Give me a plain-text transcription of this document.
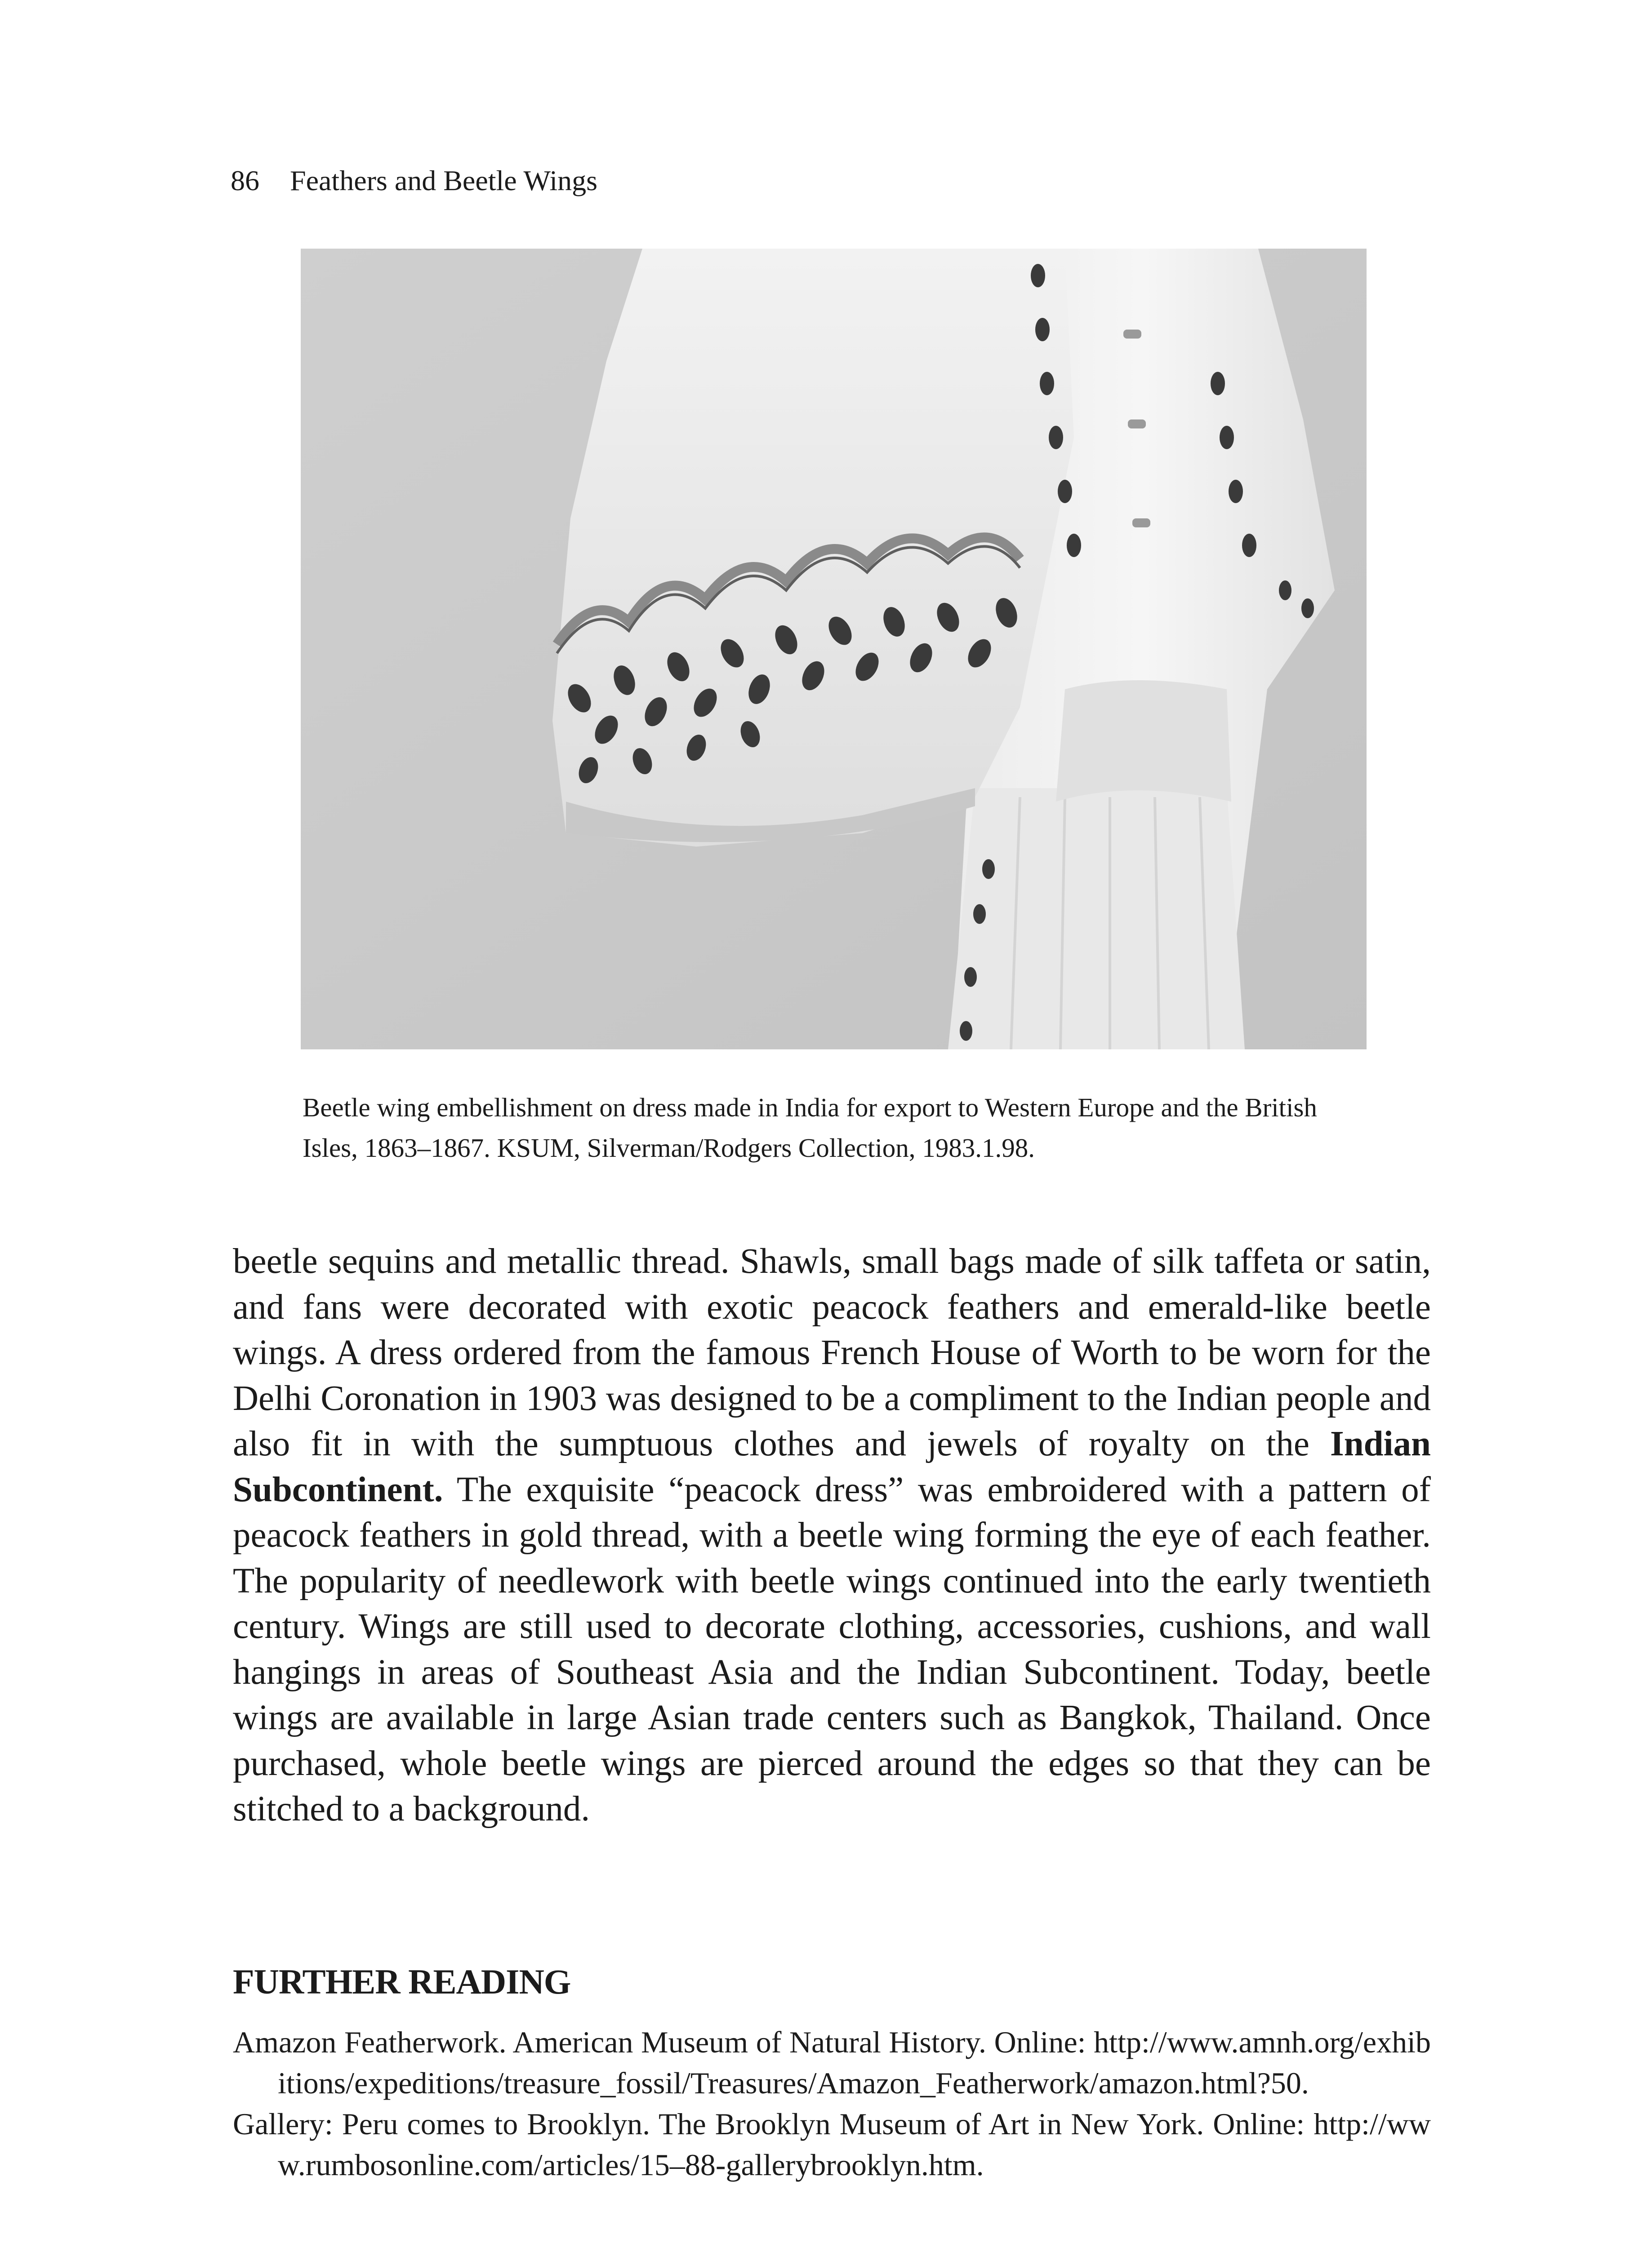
86 Feathers and Beetle Wings
Beetle wing embellishment on dress made in India for export to Western Europe and the British Isles, 1863–1867. KSUM, Silverman/Rodgers Collection, 1983.1.98.
beetle sequins and metallic thread. Shawls, small bags made of silk taffeta or satin, and fans were decorated with exotic peacock feathers and emerald-like beetle wings. A dress ordered from the famous French House of Worth to be worn for the Delhi Coronation in 1903 was designed to be a compliment to the Indian people and also fit in with the sumptuous clothes and jewels of royalty on the Indian Subcontinent. The exquisite “peacock dress” was embroidered with a pattern of peacock feathers in gold thread, with a beetle wing forming the eye of each feather. The popularity of needlework with beetle wings continued into the early twentieth century. Wings are still used to decorate clothing, accessories, cushions, and wall hangings in areas of Southeast Asia and the Indian Subcontinent. Today, beetle wings are available in large Asian trade centers such as Bangkok, Thailand. Once purchased, whole beetle wings are pierced around the edges so that they can be stitched to a background.
FURTHER READING

Amazon Featherwork. American Museum of Natural History. Online: http://www.amnh.org/exhibitions/expeditions/treasure_fossil/Treasures/Amazon_Featherwork/amazon.html?50.

Gallery: Peru comes to Brooklyn. The Brooklyn Museum of Art in New York. Online: http://www.rumbosonline.com/articles/15–88-gallerybrooklyn.htm.
